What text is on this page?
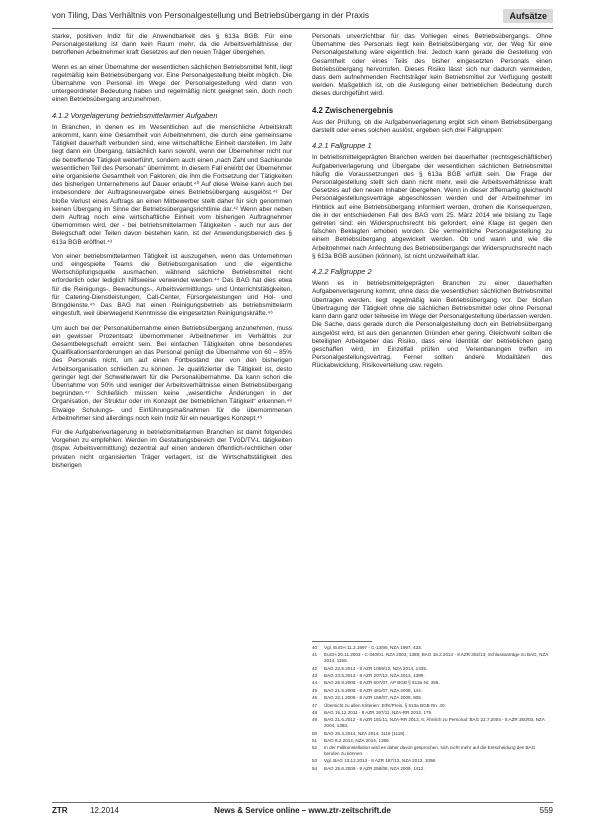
von Tiling, Das Verhältnis von Personalgestellung und Betriebsübergang in der Praxis	Aufsätze

starke, positiven Indiz für die Anwendbarkeit des § 613a BGB. Für eine Personalgestellung ist dann kein Raum mehr, da die Arbeitsverhältnisse der betroffenen Arbeitnehmer kraft Gesetzes auf den neuen Träger übergehen.

Wenn es an einer Übernahme der wesentlichen sächlichen Betriebsmittel fehlt, liegt regelmäßig kein Betriebsübergang vor. Eine Personalgestellung bleibt möglich. Die Übernahme von Personal im Wege der Personalgestellung wird dann von untergeordneter Bedeutung haben und regelmäßig nicht geeignet sein, doch noch einen Betriebsübergang anzunehmen.

4.1.2 Vorgelagerung betriebsmittelarmer Aufgaben

In Branchen, in denen es im Wesentlichen auf die menschliche Arbeitskraft ankommt, kann eine Gesamtheit von Arbeitnehmern, die durch eine gemeinsame Tätigkeit dauerhaft verbunden sind, eine wirtschaftliche Einheit darstellen. Im Jahr liegt dann ein Übergang, tatsächlich kann sowohl, wenn der Übernehmer nicht nur die betreffende Tätigkeit weiterführt, sondern auch einen „nach Zahl und Sachkunde wesentlichen Teil des Personals“ übernimmt. In diesem Fall erwirbt der Übernehmer eine organisierte Gesamtheit von Faktoren, die ihm die Fortsetzung der Tätigkeiten des bisherigen Unternehmens auf Dauer erlaubt.⁴⁰ Auf diese Weise kann auch bei insbesondere der Auftragsneuvergabe eines Betriebsübergang ausgelöst.⁴¹ Der bloße Verlust eines Auftrags an einen Mitbewerber stellt daher für sich genommen keinen Übergang im Sinne der Betriebsübergangsrichtlinie dar.⁴² Wenn aber neben dem Auftrag noch eine wirtschaftliche Einheit vom bisherigen Auftragnehmer übernommen wird, der - bei betriebsmittelarmen Tätigkeiten - auch nur aus der Belegschaft oder Teilen davon bestehen kann, ist der Anwendungsbereich des § 613a BGB eröffnet.⁴³

Von einer betriebsmittelarmen Tätigkeit ist auszugehen, wenn das Unternehmen und eingespielte Teams die Betriebsorganisation und die eigentliche Wertschöpfungsquelle ausmachen, während sächliche Betriebsmittel nicht erforderlich oder lediglich hilfsweise verwendet werden.⁴⁴ Das BAG hat dies etwa für die Reinigungs-, Bewachungs-, Arbeitsvermittlungs- und Unterrichtstätigkeiten, für Catering-Dienstleistungen, Call-Center, Fürsorgeleistungen und Hol- und Bringdienste.⁴⁵ Das BAG hat einen Reinigungsbetrieb als betriebsmittelarm eingestuft, weil überwiegend Kenntnisse die eingesetzten Reinigungskräfte.⁴⁶

Um auch bei der Personalübernahme einen Betriebsübergang anzunehmen, muss ein gewisser Prozentsatz übernommener Arbeitnehmer im Verhältnis zur Gesamtbelegschaft erreicht sein. Bei einfachen Tätigkeiten ohne besonderes Qualifikationsanforderungen an das Personal genügt die Übernahme von 60 – 85% des Personals nicht, um auf einen Fortbestand der von den bisherigen Arbeitsorganisation schließen zu können. Je qualifizierter die Tätigkeit ist, desto geringer legt der Schwellenwert für die Personalübernahme. Da kann schon die Übernahme von 50% und weniger der Arbeitsverhältnisse einen Betriebsübergang begründen.⁴⁷ Schließlich müssen keine „wesentliche Änderungen in der Organisation, der Struktur oder im Konzept der betrieblichen Tätigkeit“ erkennen.⁴⁸ Etwaige Schulungs- und Einführungsmaßnahmen für die übernommenen Arbeitnehmer sind allerdings noch kein Indiz für ein neuartiges Konzept.⁴⁹

Für die Aufgabenverlagerung in betriebsmittelarmen Branchen ist damit folgendes Vorgehen zu empfehlen: Werden im Gestaltungsbereich der TVöD/TV-L tätigkeiten (bspw. Arbeitsvermittlung) dezentral auf einen anderen öffentlich-rechtlichen oder privaten nicht organisierten Träger verlagert, ist die Wirtschaftstätigkeit des bisherigen

Personals unverzichtbar für das Vorliegen eines Betriebsübergangs. Ohne Übernahme des Personals liegt kein Betriebsübergang vor, der Weg für eine Personalgestellung wäre eigentlich frei. Jedoch kann gerade die Gestellung von Gesamtheit oder eines Teils des bisher eingesetzten Personals einen Betriebsübergang hervorrufen. Dieses Risiko lässt sich nur dadurch vermeiden, dass dem aufnehmenden Rechtsträger kein Betriebsmittel zur Verfügung gestellt werden. Maßgeblich ist, ob die Auslegung einer betrieblichen Bedeutung durch dieses durchgeführt wird.

4.2 Zwischenergebnis

Aus der Prüfung, ob die Aufgabenverlagerung ergibt sich einem Betriebsübergang darstellt oder eines solchen auslöst, ergeben sich drei Fallgruppen:

4.2.1 Fallgruppe 1

In betriebsmittelgeprägten Branchen werden bei dauerhafter (rechtsgeschäftlicher) Aufgabenverlagerung und Übergabe der wesentlichen sächlichen Betriebsmittel häufig die Voraussetzungen des § 613a BGB erfüllt sein. Die Frage der Personalgestellung stellt sich dann nicht mehr, weil die Arbeitsverhältnisse kraft Gesetzes auf den neuen Inhaber übergehen. Wenn in dieser ziffernartig gleichwohl Personalgestellungsverträge abgeschlossen werden und der Arbeitnehmer im Hinblick auf eine Betriebsübergang informiert werden, drohen die Konsequenzen, die in der entschiedenen Fall des BAG vom 25. März 2014 wie bislang zu Tage getreten sind: ein Widerspruchsrecht bis gefordert, eine Klage ist gegen den falschen Beklagten erhoben worden. Die vermeintliche Personalgestellung zu einem Betriebsübergang abgewickelt werden. Ob und wann und wie die Arbeitnehmer nach Anfechtung des Betriebsübergangs der Widerspruchsrecht nach § 613a BGB ausüben (können), ist nicht unzweifelhaft klar.

4.2.2 Fallgruppe 2

Wenn es in betriebsmittelgeprägten Branchen zu einer dauerhaften Aufgabenverlagerung kommt, ohne dass die wesentlichen sächlichen Betriebsmittel übertragen werden, liegt regelmäßig kein Betriebsübergang vor. Der bloßen Übertragung der Tätigkeit ohne die sächlichen Betriebsmittel oder ohne Personal kann dann ganz oder teilweise im Wege der Personalgestellung überlassen werden. Die Sache, dass gerade durch die Personalgestellung doch ein Betriebsübergang ausgelöst wird, ist aus den genannten Gründen eher gering. Gleichwohl sollten die beteiligten Arbeitgeber das Risiko, dass eine Identität der betrieblichen gang geschaffen wird, im Einzelfall prüfen und Vereinbarungen treffen im Personalgestellungsvertrag. Ferner sollten andere Modalitäten des Rückabwicklung, Risikoverteilung usw. regeln.

40	Vgl. EuGH 11.3.1997 - C-13/95, NZA 1997, 433.
41	EuGH 20.11.2003 - C-340/01, NZA 2003, 1385; BAG 18.2.2014 - 8 AZR 302/13; Schlussanträge zu BAG, NZA 2014, 1156.
42	BAG 22.5.2014 - 8 AZR 1069/12, NZA 2014, 1335.
43	BAG 23.5.2013 - 8 AZR 207/12, NZA 2013, 1389.
44	BAG 25.9.2008 - 8 AZR 607/07, AP BGB § 613a Nr. 355.
45	BAG 21.5.2008 - 8 AZR 481/07, NZA 2009, 144.
46	BAG 22.1.2009 - 8 AZR 158/07, NZA 2009, 905.
47	Übersicht zu allen Kriterien: ErfK/Preis, § 613a BGB Rn. 40.
48	BAG 15.12.2011 - 8 AZR 197/11, NZA-RR 2013, 179.
49	BAG 21.6.2012 - 8 AZR 181/11, NZA-RR 2013, 6; Ähnlich zu Personal: BAG 22.7.2004 - 8 AZR 350/03, NZA 2004, 1383.
50	BAG 25.3.2014, NZA 2014, 1118 (1119).
51	BAG 6.2.2014, NZA 2014, 1389.
52	In der Fallkonstellation wird es daher davon gesprochen, sich nicht mehr auf die Entscheidung des BAG berufen zu können.
53	Vgl. BAG 13.12.2013 - 8 AZR 187/13, NZA 2013, 1098.
54	BAG 25.6.2009 - 8 AZR 258/08, NZA 2009, 1412.
ZTR	12.2014	News & Service online – www.ztr-zeitschrift.de	559
